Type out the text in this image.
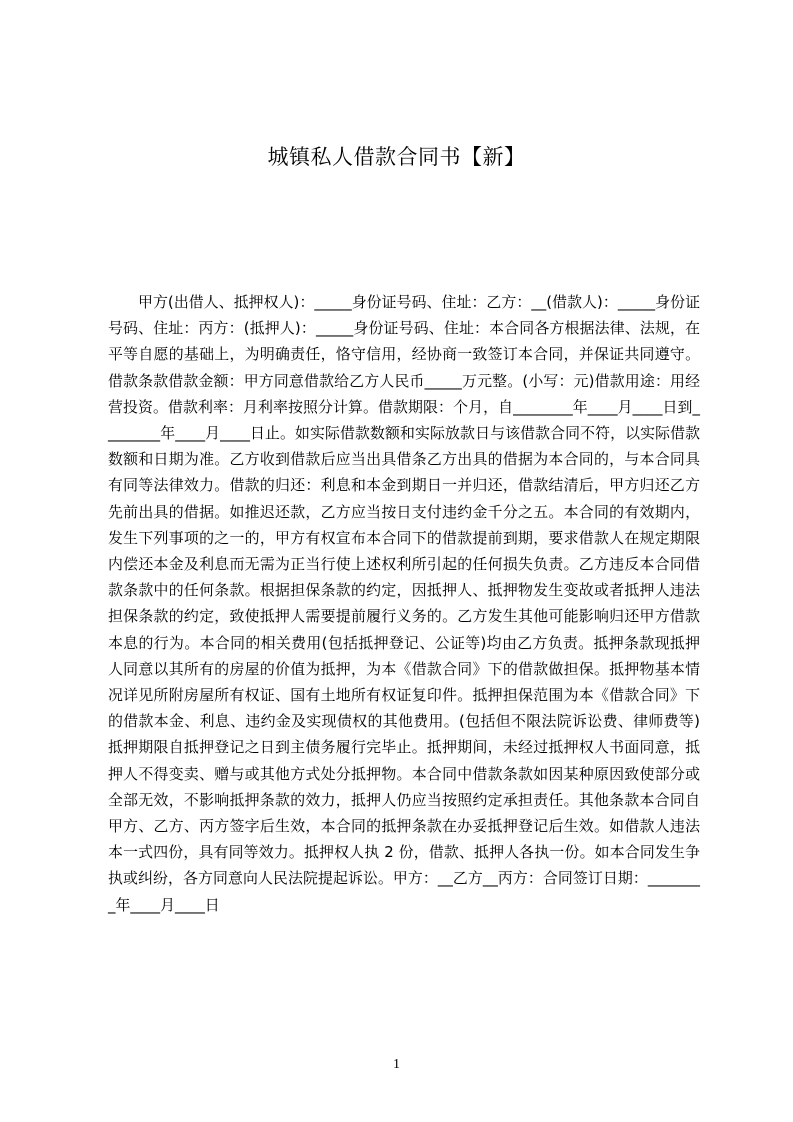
城镇私人借款合同书【新】

甲方(出借人、抵押权人)：_____身份证号码、住址：乙方：__(借款人)：_____身份证号码、住址：丙方：(抵押人)：_____身份证号码、住址：本合同各方根据法律、法规，在平等自愿的基础上，为明确责任，恪守信用，经协商一致签订本合同，并保证共同遵守。借款条款借款金额：甲方同意借款给乙方人民币_____万元整。(小写：元)借款用途：用经营投资。借款利率：月利率按照分计算。借款期限：个月，自________年____月____日到________年____月____日止。如实际借款数额和实际放款日与该借款合同不符，以实际借款数额和日期为准。乙方收到借款后应当出具借条乙方出具的借据为本合同的，与本合同具有同等法律效力。借款的归还：利息和本金到期日一并归还，借款结清后，甲方归还乙方先前出具的借据。如推迟还款，乙方应当按日支付违约金千分之五。本合同的有效期内，发生下列事项的之一的，甲方有权宣布本合同下的借款提前到期，要求借款人在规定期限内偿还本金及利息而无需为正当行使上述权利所引起的任何损失负责。乙方违反本合同借款条款中的任何条款。根据担保条款的约定，因抵押人、抵押物发生变故或者抵押人违法担保条款的约定，致使抵押人需要提前履行义务的。乙方发生其他可能影响归还甲方借款本息的行为。本合同的相关费用(包括抵押登记、公证等)均由乙方负责。抵押条款现抵押人同意以其所有的房屋的价值为抵押，为本《借款合同》下的借款做担保。抵押物基本情况详见所附房屋所有权证、国有土地所有权证复印件。抵押担保范围为本《借款合同》下的借款本金、利息、违约金及实现债权的其他费用。(包括但不限法院诉讼费、律师费等)抵押期限自抵押登记之日到主债务履行完毕止。抵押期间，未经过抵押权人书面同意，抵押人不得变卖、赠与或其他方式处分抵押物。本合同中借款条款如因某种原因致使部分或全部无效，不影响抵押条款的效力，抵押人仍应当按照约定承担责任。其他条款本合同自甲方、乙方、丙方签字后生效，本合同的抵押条款在办妥抵押登记后生效。如借款人违法本一式四份，具有同等效力。抵押权人执 2 份，借款、抵押人各执一份。如本合同发生争执或纠纷，各方同意向人民法院提起诉讼。甲方：__乙方__丙方：合同签订日期：________年____月____日

1
